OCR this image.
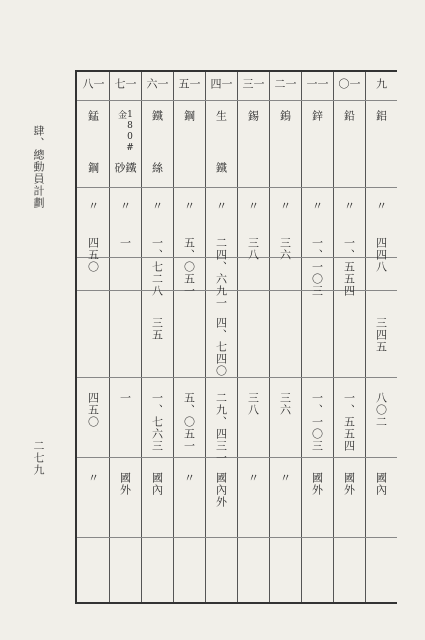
肆、總動員計劃
二七九
一八
錳
鋼
〃
四五〇
四五〇
〃
一七
180#金
鐵砂
〃
一
一
國外
一六
鐵
絲
〃
一、七二八
三五
一、七六三
國內
一五
鋼
〃
五、〇五一
五、〇五一
〃
一四
生
鐵
〃
二四、六九一
四、七四〇
二九、四三一
國內外
一三
錫
〃
三八
三八
〃
一二
鎢
〃
三六
三六
〃
一一
鋅
〃
一、一〇三
一、一〇三
國外
一〇
鉛
〃
一、五五四
一、五五四
國外
九
鋁
〃
四四八
三四五
八〇二
國內
